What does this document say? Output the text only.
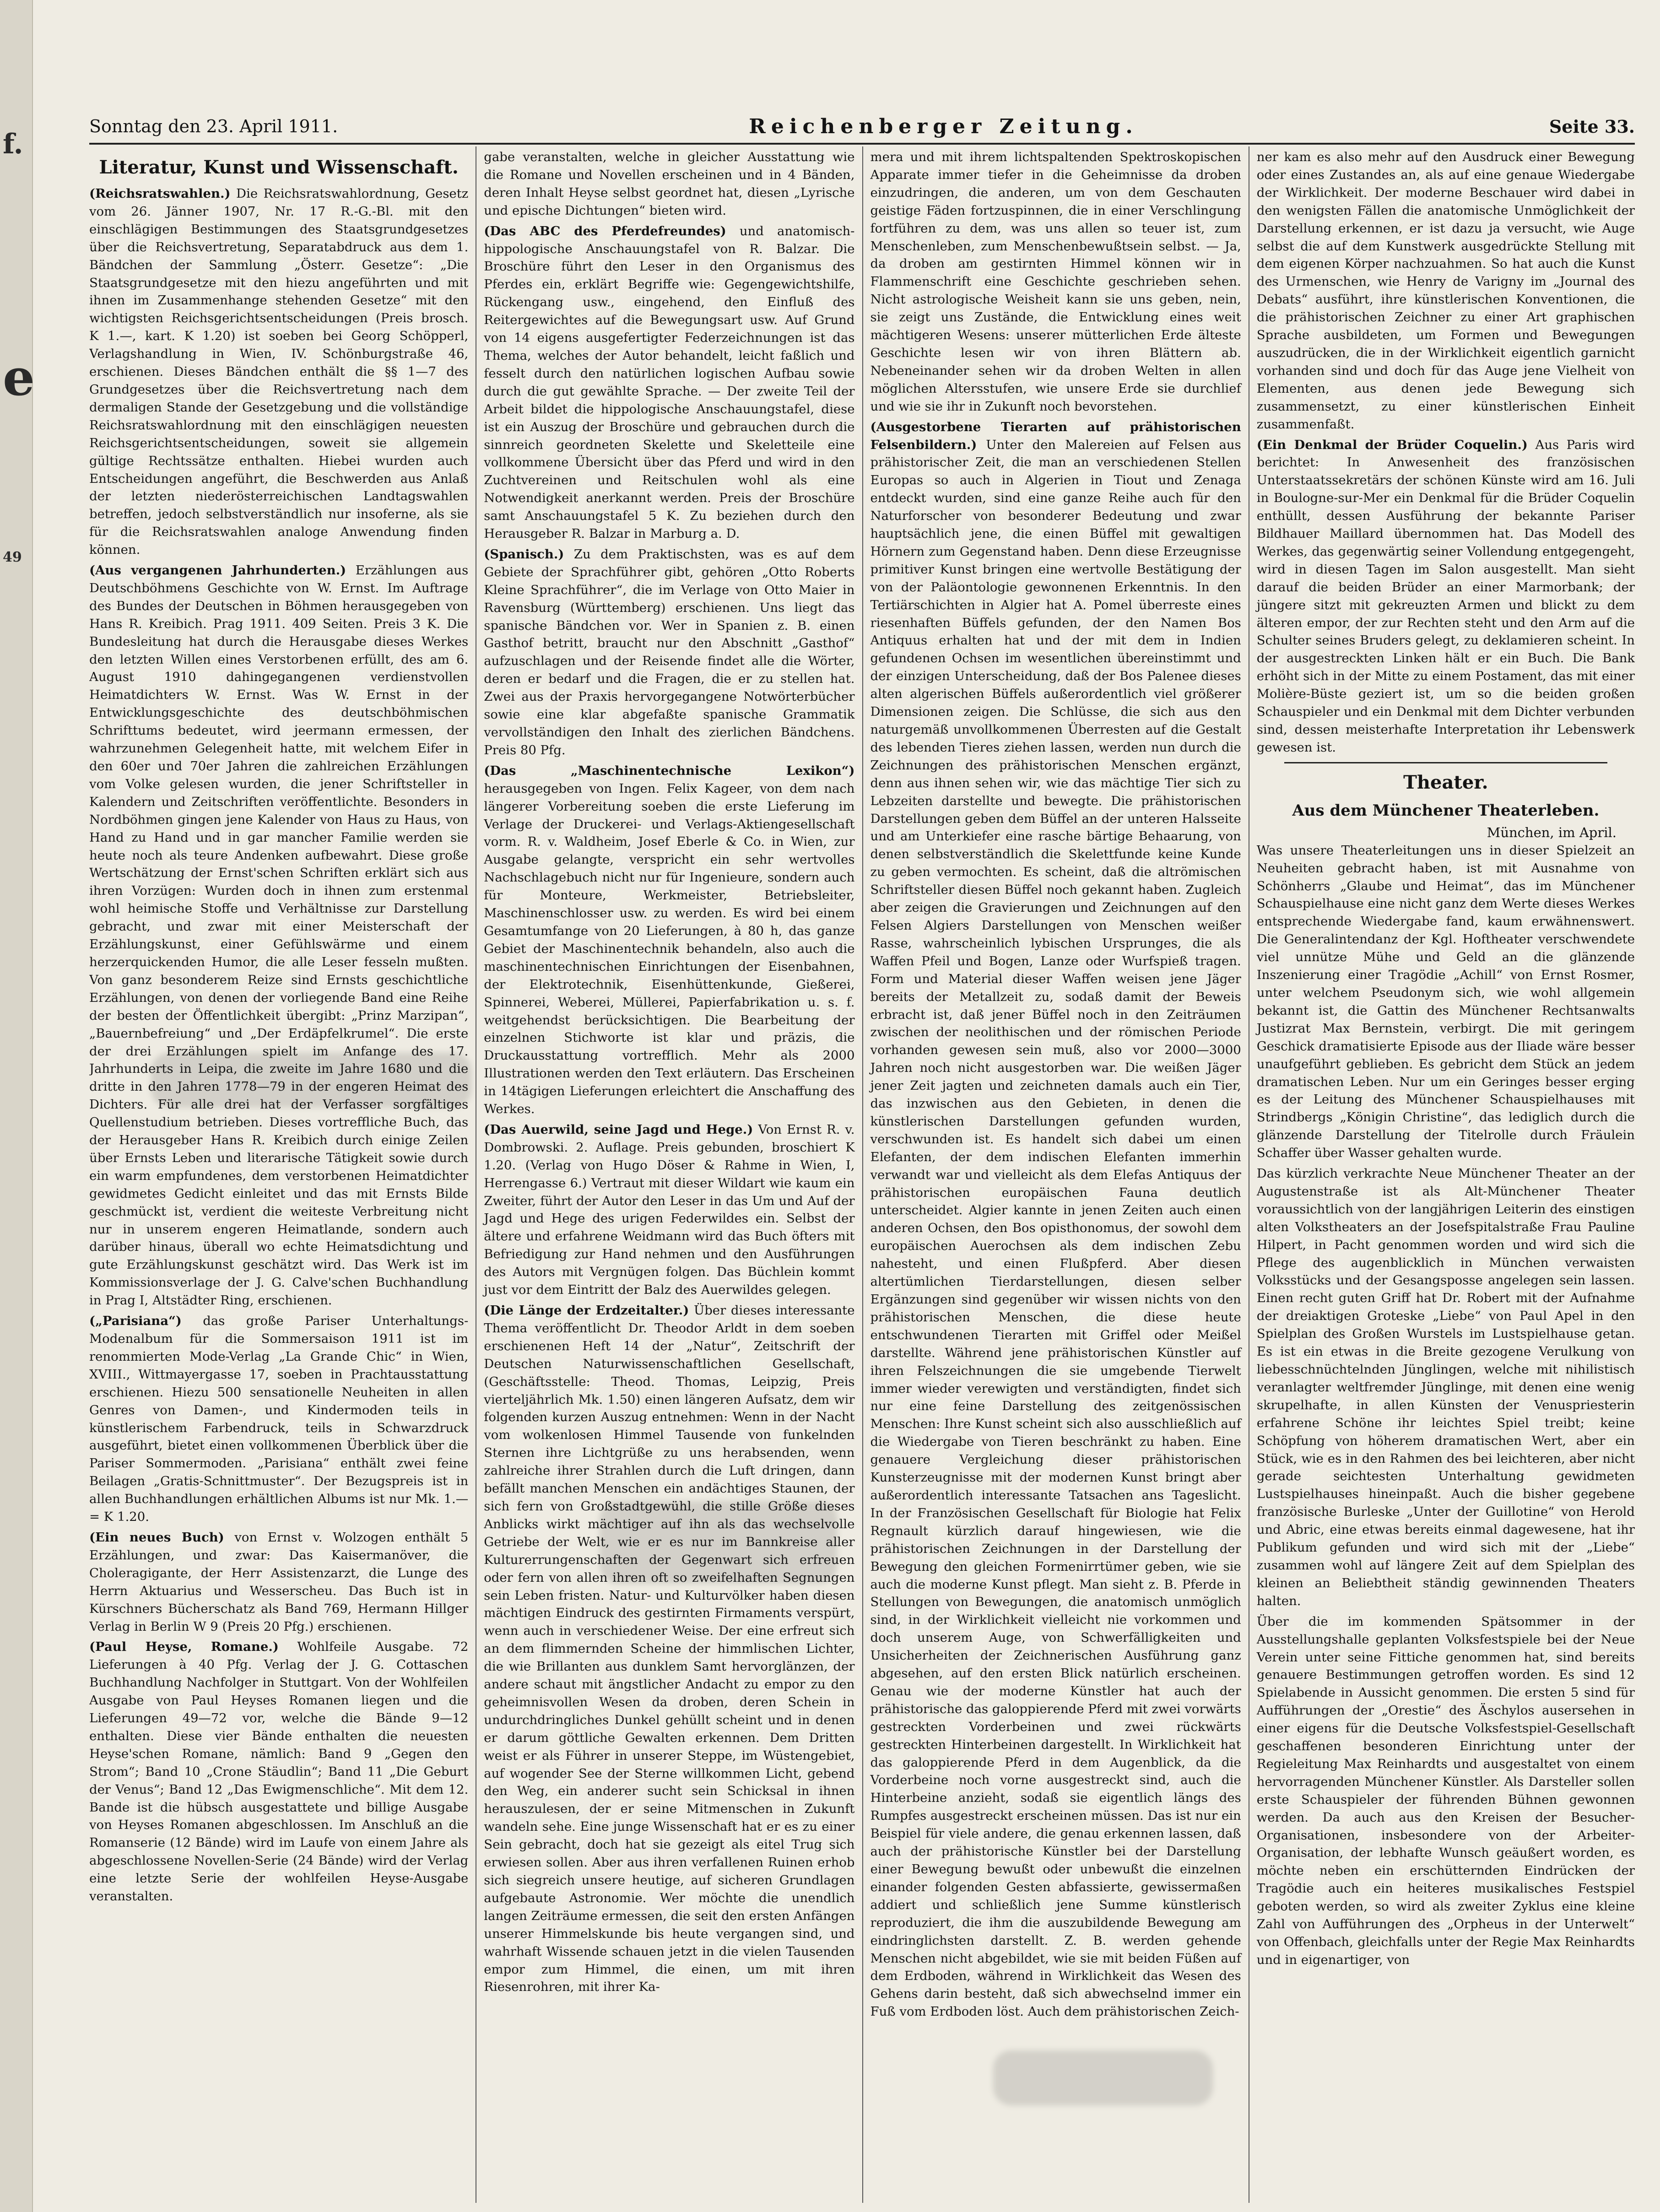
f.
e
49
Sonntag den 23. April 1911.	Reichenberger Zeitung.	Seite 33.
Literatur, Kunst und Wissenschaft.

(Reichsratswahlen.) Die Reichsratswahlordnung, Gesetz vom 26. Jänner 1907, Nr. 17 R.-G.-Bl. mit den einschlägigen Bestimmungen des Staatsgrundgesetzes über die Reichsvertretung, Separatabdruck aus dem 1. Bändchen der Sammlung „Österr. Gesetze“: „Die Staatsgrundgesetze mit den hiezu angeführten und mit ihnen im Zusammenhange stehenden Gesetze“ mit den wichtigsten Reichsgerichtsentscheidungen (Preis brosch. K 1.—, kart. K 1.20) ist soeben bei Georg Schöpperl, Verlagshandlung in Wien, IV. Schönburgstraße 46, erschienen. Dieses Bändchen enthält die §§ 1—7 des Grundgesetzes über die Reichsvertretung nach dem dermaligen Stande der Gesetzgebung und die vollständige Reichsratswahlordnung mit den einschlägigen neuesten Reichsgerichtsentscheidungen, soweit sie allgemein gültige Rechtssätze enthalten. Hiebei wurden auch Entscheidungen angeführt, die Beschwerden aus Anlaß der letzten niederösterreichischen Landtagswahlen betreffen, jedoch selbstverständlich nur insoferne, als sie für die Reichsratswahlen analoge Anwendung finden können.

(Aus vergangenen Jahrhunderten.) Erzählungen aus Deutschböhmens Geschichte von W. Ernst. Im Auftrage des Bundes der Deutschen in Böhmen herausgegeben von Hans R. Kreibich. Prag 1911. 409 Seiten. Preis 3 K. Die Bundesleitung hat durch die Herausgabe dieses Werkes den letzten Willen eines Verstorbenen erfüllt, des am 6. August 1910 dahingegangenen verdienstvollen Heimatdichters W. Ernst. Was W. Ernst in der Entwicklungsgeschichte des deutschböhmischen Schrifttums bedeutet, wird jeermann ermessen, der wahrzunehmen Gelegenheit hatte, mit welchem Eifer in den 60er und 70er Jahren die zahlreichen Erzählungen vom Volke gelesen wurden, die jener Schriftsteller in Kalendern und Zeitschriften veröffentlichte. Besonders in Nordböhmen gingen jene Kalender von Haus zu Haus, von Hand zu Hand und in gar mancher Familie werden sie heute noch als teure Andenken aufbewahrt. Diese große Wertschätzung der Ernst'schen Schriften erklärt sich aus ihren Vorzügen: Wurden doch in ihnen zum erstenmal wohl heimische Stoffe und Verhältnisse zur Darstellung gebracht, und zwar mit einer Meisterschaft der Erzählungskunst, einer Gefühlswärme und einem herzerquickenden Humor, die alle Leser fesseln mußten. Von ganz besonderem Reize sind Ernsts geschichtliche Erzählungen, von denen der vorliegende Band eine Reihe der besten der Öffentlichkeit übergibt: „Prinz Marzipan“, „Bauernbefreiung“ und „Der Erdäpfelkrumel“. Die erste der drei Erzählungen spielt im Anfange des 17. Jahrhunderts in Leipa, die zweite im Jahre 1680 und die dritte in den Jahren 1778—79 in der engeren Heimat des Dichters. Für alle drei hat der Verfasser sorgfältiges Quellenstudium betrieben. Dieses vortreffliche Buch, das der Herausgeber Hans R. Kreibich durch einige Zeilen über Ernsts Leben und literarische Tätigkeit sowie durch ein warm empfundenes, dem verstorbenen Heimatdichter gewidmetes Gedicht einleitet und das mit Ernsts Bilde geschmückt ist, verdient die weiteste Verbreitung nicht nur in unserem engeren Heimatlande, sondern auch darüber hinaus, überall wo echte Heimatsdichtung und gute Erzählungskunst geschätzt wird. Das Werk ist im Kommissionsverlage der J. G. Calve'schen Buchhandlung in Prag I, Altstädter Ring, erschienen.

(„Parisiana“) das große Pariser Unterhaltungs-Modenalbum für die Sommersaison 1911 ist im renommierten Mode-Verlag „La Grande Chic“ in Wien, XVIII., Wittmayergasse 17, soeben in Prachtausstattung erschienen. Hiezu 500 sensationelle Neuheiten in allen Genres von Damen-, und Kindermoden teils in künstlerischem Farbendruck, teils in Schwarzdruck ausgeführt, bietet einen vollkommenen Überblick über die Pariser Sommermoden. „Parisiana“ enthält zwei feine Beilagen „Gratis-Schnittmuster“. Der Bezugspreis ist in allen Buchhandlungen erhältlichen Albums ist nur Mk. 1.— = K 1.20.

(Ein neues Buch) von Ernst v. Wolzogen enthält 5 Erzählungen, und zwar: Das Kaisermanöver, die Choleragigante, der Herr Assistenzarzt, die Lunge des Herrn Aktuarius und Wesserscheu. Das Buch ist in Kürschners Bücherschatz als Band 769, Hermann Hillger Verlag in Berlin W 9 (Preis 20 Pfg.) erschienen.

(Paul Heyse, Romane.) Wohlfeile Ausgabe. 72 Lieferungen à 40 Pfg. Verlag der J. G. Cottaschen Buchhandlung Nachfolger in Stuttgart. Von der Wohlfeilen Ausgabe von Paul Heyses Romanen liegen und die Lieferungen 49—72 vor, welche die Bände 9—12 enthalten. Diese vier Bände enthalten die neuesten Heyse'schen Romane, nämlich: Band 9 „Gegen den Strom“; Band 10 „Crone Stäudlin“; Band 11 „Die Geburt der Venus“; Band 12 „Das Ewigmenschliche“. Mit dem 12. Bande ist die hübsch ausgestattete und billige Ausgabe von Heyses Romanen abgeschlossen. Im Anschluß an die Romanserie (12 Bände) wird im Laufe von einem Jahre als abgeschlossene Novellen-Serie (24 Bände) wird der Verlag eine letzte Serie der wohlfeilen Heyse-Ausgabe veranstalten.

gabe veranstalten, welche in gleicher Ausstattung wie die Romane und Novellen erscheinen und in 4 Bänden, deren Inhalt Heyse selbst geordnet hat, diesen „Lyrische und epische Dichtungen“ bieten wird.

(Das ABC des Pferdefreundes) und anatomisch-hippologische Anschauungstafel von R. Balzar. Die Broschüre führt den Leser in den Organismus des Pferdes ein, erklärt Begriffe wie: Gegengewichtshilfe, Rückengang usw., eingehend, den Einfluß des Reitergewichtes auf die Bewegungsart usw. Auf Grund von 14 eigens ausgefertigter Federzeichnungen ist das Thema, welches der Autor behandelt, leicht faßlich und fesselt durch den natürlichen logischen Aufbau sowie durch die gut gewählte Sprache. — Der zweite Teil der Arbeit bildet die hippologische Anschauungstafel, diese ist ein Auszug der Broschüre und gebrauchen durch die sinnreich geordneten Skelette und Skeletteile eine vollkommene Übersicht über das Pferd und wird in den Zuchtvereinen und Reitschulen wohl als eine Notwendigkeit anerkannt werden. Preis der Broschüre samt Anschauungstafel 5 K. Zu beziehen durch den Herausgeber R. Balzar in Marburg a. D.

(Spanisch.) Zu dem Praktischsten, was es auf dem Gebiete der Sprachführer gibt, gehören „Otto Roberts Kleine Sprachführer“, die im Verlage von Otto Maier in Ravensburg (Württemberg) erschienen. Uns liegt das spanische Bändchen vor. Wer in Spanien z. B. einen Gasthof betritt, braucht nur den Abschnitt „Gasthof“ aufzuschlagen und der Reisende findet alle die Wörter, deren er bedarf und die Fragen, die er zu stellen hat. Zwei aus der Praxis hervorgegangene Notwörterbücher sowie eine klar abgefaßte spanische Grammatik vervollständigen den Inhalt des zierlichen Bändchens. Preis 80 Pfg.

(Das „Maschinentechnische Lexikon“) herausgegeben von Ingen. Felix Kageer, von dem nach längerer Vorbereitung soeben die erste Lieferung im Verlage der Druckerei- und Verlags-Aktiengesellschaft vorm. R. v. Waldheim, Josef Eberle & Co. in Wien, zur Ausgabe gelangte, verspricht ein sehr wertvolles Nachschlagebuch nicht nur für Ingenieure, sondern auch für Monteure, Werkmeister, Betriebsleiter, Maschinenschlosser usw. zu werden. Es wird bei einem Gesamtumfange von 20 Lieferungen, à 80 h, das ganze Gebiet der Maschinentechnik behandeln, also auch die maschinentechnischen Einrichtungen der Eisenbahnen, der Elektrotechnik, Eisenhüttenkunde, Gießerei, Spinnerei, Weberei, Müllerei, Papierfabrikation u. s. f. weitgehendst berücksichtigen. Die Bearbeitung der einzelnen Stichworte ist klar und präzis, die Druckausstattung vortrefflich. Mehr als 2000 Illustrationen werden den Text erläutern. Das Erscheinen in 14tägigen Lieferungen erleichtert die Anschaffung des Werkes.

(Das Auerwild, seine Jagd und Hege.) Von Ernst R. v. Dombrowski. 2. Auflage. Preis gebunden, broschiert K 1.20. (Verlag von Hugo Döser & Rahme in Wien, I, Herrengasse 6.) Vertraut mit dieser Wildart wie kaum ein Zweiter, führt der Autor den Leser in das Um und Auf der Jagd und Hege des urigen Federwildes ein. Selbst der ältere und erfahrene Weidmann wird das Buch öfters mit Befriedigung zur Hand nehmen und den Ausführungen des Autors mit Vergnügen folgen. Das Büchlein kommt just vor dem Eintritt der Balz des Auerwildes gelegen.

(Die Länge der Erdzeitalter.) Über dieses interessante Thema veröffentlicht Dr. Theodor Arldt in dem soeben erschienenen Heft 14 der „Natur“, Zeitschrift der Deutschen Naturwissenschaftlichen Gesellschaft, (Geschäftsstelle: Theod. Thomas, Leipzig, Preis vierteljährlich Mk. 1.50) einen längeren Aufsatz, dem wir folgenden kurzen Auszug entnehmen: Wenn in der Nacht vom wolkenlosen Himmel Tausende von funkelnden Sternen ihre Lichtgrüße zu uns herabsenden, wenn zahlreiche ihrer Strahlen durch die Luft dringen, dann befällt manchen Menschen ein andächtiges Staunen, der sich fern von Großstadtgewühl, die stille Größe dieses Anblicks wirkt mächtiger auf ihn als das wechselvolle Getriebe der Welt, wie er es nur im Bannkreise aller Kulturerrungenschaften der Gegenwart sich erfreuen oder fern von allen ihren oft so zweifelhaften Segnungen sein Leben fristen. Natur- und Kulturvölker haben diesen mächtigen Eindruck des gestirnten Firmaments verspürt, wenn auch in verschiedener Weise. Der eine erfreut sich an dem flimmernden Scheine der himmlischen Lichter, die wie Brillanten aus dunklem Samt hervorglänzen, der andere schaut mit ängstlicher Andacht zu empor zu den geheimnisvollen Wesen da droben, deren Schein in undurchdringliches Dunkel gehüllt scheint und in denen er darum göttliche Gewalten erkennen. Dem Dritten weist er als Führer in unserer Steppe, im Wüstengebiet, auf wogender See der Sterne willkommen Licht, gebend den Weg, ein anderer sucht sein Schicksal in ihnen herauszulesen, der er seine Mitmenschen in Zukunft wandeln sehe. Eine junge Wissenschaft hat er es zu einer Sein gebracht, doch hat sie gezeigt als eitel Trug sich erwiesen sollen. Aber aus ihren verfallenen Ruinen erhob sich siegreich unsere heutige, auf sicheren Grundlagen aufgebaute Astronomie. Wer möchte die unendlich langen Zeiträume ermessen, die seit den ersten Anfängen unserer Himmelskunde bis heute vergangen sind, und wahrhaft Wissende schauen jetzt in die vielen Tausenden empor zum Himmel, die einen, um mit ihren Riesenrohren, mit ihrer Ka-

mera und mit ihrem lichtspaltenden Spektroskopischen Apparate immer tiefer in die Geheimnisse da droben einzudringen, die anderen, um von dem Geschauten geistige Fäden fortzuspinnen, die in einer Verschlingung fortführen zu dem, was uns allen so teuer ist, zum Menschenleben, zum Menschenbewußtsein selbst. — Ja, da droben am gestirnten Himmel können wir in Flammenschrift eine Geschichte geschrieben sehen. Nicht astrologische Weisheit kann sie uns geben, nein, sie zeigt uns Zustände, die Entwicklung eines weit mächtigeren Wesens: unserer mütterlichen Erde älteste Geschichte lesen wir von ihren Blättern ab. Nebeneinander sehen wir da droben Welten in allen möglichen Altersstufen, wie unsere Erde sie durchlief und wie sie ihr in Zukunft noch bevorstehen.

(Ausgestorbene Tierarten auf prähistorischen Felsenbildern.) Unter den Malereien auf Felsen aus prähistorischer Zeit, die man an verschiedenen Stellen Europas so auch in Algerien in Tiout und Zenaga entdeckt wurden, sind eine ganze Reihe auch für den Naturforscher von besonderer Bedeutung und zwar hauptsächlich jene, die einen Büffel mit gewaltigen Hörnern zum Gegenstand haben. Denn diese Erzeugnisse primitiver Kunst bringen eine wertvolle Bestätigung der von der Paläontologie gewonnenen Erkenntnis. In den Tertiärschichten in Algier hat A. Pomel überreste eines riesenhaften Büffels gefunden, der den Namen Bos Antiquus erhalten hat und der mit dem in Indien gefundenen Ochsen im wesentlichen übereinstimmt und der einzigen Unterscheidung, daß der Bos Palenee dieses alten algerischen Büffels außerordentlich viel größerer Dimensionen zeigen. Die Schlüsse, die sich aus den naturgemäß unvollkommenen Überresten auf die Gestalt des lebenden Tieres ziehen lassen, werden nun durch die Zeichnungen des prähistorischen Menschen ergänzt, denn aus ihnen sehen wir, wie das mächtige Tier sich zu Lebzeiten darstellte und bewegte. Die prähistorischen Darstellungen geben dem Büffel an der unteren Halsseite und am Unterkiefer eine rasche bärtige Behaarung, von denen selbstverständlich die Skelettfunde keine Kunde zu geben vermochten. Es scheint, daß die altrömischen Schriftsteller diesen Büffel noch gekannt haben. Zugleich aber zeigen die Gravierungen und Zeichnungen auf den Felsen Algiers Darstellungen von Menschen weißer Rasse, wahrscheinlich lybischen Ursprunges, die als Waffen Pfeil und Bogen, Lanze oder Wurfspieß tragen. Form und Material dieser Waffen weisen jene Jäger bereits der Metallzeit zu, sodaß damit der Beweis erbracht ist, daß jener Büffel noch in den Zeiträumen zwischen der neolithischen und der römischen Periode vorhanden gewesen sein muß, also vor 2000—3000 Jahren noch nicht ausgestorben war. Die weißen Jäger jener Zeit jagten und zeichneten damals auch ein Tier, das inzwischen aus den Gebieten, in denen die künstlerischen Darstellungen gefunden wurden, verschwunden ist. Es handelt sich dabei um einen Elefanten, der dem indischen Elefanten immerhin verwandt war und vielleicht als dem Elefas Antiquus der prähistorischen europäischen Fauna deutlich unterscheidet. Algier kannte in jenen Zeiten auch einen anderen Ochsen, den Bos opisthonomus, der sowohl dem europäischen Auerochsen als dem indischen Zebu nahesteht, und einen Flußpferd. Aber diesen altertümlichen Tierdarstellungen, diesen selber Ergänzungen sind gegenüber wir wissen nichts von den prähistorischen Menschen, die diese heute entschwundenen Tierarten mit Griffel oder Meißel darstellte. Während jene prähistorischen Künstler auf ihren Felszeichnungen die sie umgebende Tierwelt immer wieder verewigten und verständigten, findet sich nur eine feine Darstellung des zeitgenössischen Menschen: Ihre Kunst scheint sich also ausschließlich auf die Wiedergabe von Tieren beschränkt zu haben. Eine genauere Vergleichung dieser prähistorischen Kunsterzeugnisse mit der modernen Kunst bringt aber außerordentlich interessante Tatsachen ans Tageslicht. In der Französischen Gesellschaft für Biologie hat Felix Regnault kürzlich darauf hingewiesen, wie die prähistorischen Zeichnungen in der Darstellung der Bewegung den gleichen Formenirrtümer geben, wie sie auch die moderne Kunst pflegt. Man sieht z. B. Pferde in Stellungen von Bewegungen, die anatomisch unmöglich sind, in der Wirklichkeit vielleicht nie vorkommen und doch unserem Auge, von Schwerfälligkeiten und Unsicherheiten der Zeichnerischen Ausführung ganz abgesehen, auf den ersten Blick natürlich erscheinen. Genau wie der moderne Künstler hat auch der prähistorische das galoppierende Pferd mit zwei vorwärts gestreckten Vorderbeinen und zwei rückwärts gestreckten Hinterbeinen dargestellt. In Wirklichkeit hat das galoppierende Pferd in dem Augenblick, da die Vorderbeine noch vorne ausgestreckt sind, auch die Hinterbeine anzieht, sodaß sie eigentlich längs des Rumpfes ausgestreckt erscheinen müssen. Das ist nur ein Beispiel für viele andere, die genau erkennen lassen, daß auch der prähistorische Künstler bei der Darstellung einer Bewegung bewußt oder unbewußt die einzelnen einander folgenden Gesten abfassierte, gewissermaßen addiert und schließlich jene Summe künstlerisch reproduziert, die ihm die auszubildende Bewegung am eindringlichsten darstellt. Z. B. werden gehende Menschen nicht abgebildet, wie sie mit beiden Füßen auf dem Erdboden, während in Wirklichkeit das Wesen des Gehens darin besteht, daß sich abwechselnd immer ein Fuß vom Erdboden löst. Auch dem prähistorischen Zeich-

ner kam es also mehr auf den Ausdruck einer Bewegung oder eines Zustandes an, als auf eine genaue Wiedergabe der Wirklichkeit. Der moderne Beschauer wird dabei in den wenigsten Fällen die anatomische Unmöglichkeit der Darstellung erkennen, er ist dazu ja versucht, wie Auge selbst die auf dem Kunstwerk ausgedrückte Stellung mit dem eigenen Körper nachzuahmen. So hat auch die Kunst des Urmenschen, wie Henry de Varigny im „Journal des Debats“ ausführt, ihre künstlerischen Konventionen, die die prähistorischen Zeichner zu einer Art graphischen Sprache ausbildeten, um Formen und Bewegungen auszudrücken, die in der Wirklichkeit eigentlich garnicht vorhanden sind und doch für das Auge jene Vielheit von Elementen, aus denen jede Bewegung sich zusammensetzt, zu einer künstlerischen Einheit zusammenfaßt.

(Ein Denkmal der Brüder Coquelin.) Aus Paris wird berichtet: In Anwesenheit des französischen Unterstaatssekretärs der schönen Künste wird am 16. Juli in Boulogne-sur-Mer ein Denkmal für die Brüder Coquelin enthüllt, dessen Ausführung der bekannte Pariser Bildhauer Maillard übernommen hat. Das Modell des Werkes, das gegenwärtig seiner Vollendung entgegengeht, wird in diesen Tagen im Salon ausgestellt. Man sieht darauf die beiden Brüder an einer Marmorbank; der jüngere sitzt mit gekreuzten Armen und blickt zu dem älteren empor, der zur Rechten steht und den Arm auf die Schulter seines Bruders gelegt, zu deklamieren scheint. In der ausgestreckten Linken hält er ein Buch. Die Bank erhöht sich in der Mitte zu einem Postament, das mit einer Molière-Büste geziert ist, um so die beiden großen Schauspieler und ein Denkmal mit dem Dichter verbunden sind, dessen meisterhafte Interpretation ihr Lebenswerk gewesen ist.

Theater.
Aus dem Münchener Theaterleben.
München, im April.

Was unsere Theaterleitungen uns in dieser Spielzeit an Neuheiten gebracht haben, ist mit Ausnahme von Schönherrs „Glaube und Heimat“, das im Münchener Schauspielhause eine nicht ganz dem Werte dieses Werkes entsprechende Wiedergabe fand, kaum erwähnenswert. Die Generalintendanz der Kgl. Hoftheater verschwendete viel unnütze Mühe und Geld an die glänzende Inszenierung einer Tragödie „Achill“ von Ernst Rosmer, unter welchem Pseudonym sich, wie wohl allgemein bekannt ist, die Gattin des Münchener Rechtsanwalts Justizrat Max Bernstein, verbirgt. Die mit geringem Geschick dramatisierte Episode aus der Iliade wäre besser unaufgeführt geblieben. Es gebricht dem Stück an jedem dramatischen Leben. Nur um ein Geringes besser erging es der Leitung des Münchener Schauspielhauses mit Strindbergs „Königin Christine“, das lediglich durch die glänzende Darstellung der Titelrolle durch Fräulein Schaffer über Wasser gehalten wurde.

Das kürzlich verkrachte Neue Münchener Theater an der Augustenstraße ist als Alt-Münchener Theater voraussichtlich von der langjährigen Leiterin des einstigen alten Volkstheaters an der Josefspitalstraße Frau Pauline Hilpert, in Pacht genommen worden und wird sich die Pflege des augenblicklich in München verwaisten Volksstücks und der Gesangsposse angelegen sein lassen. Einen recht guten Griff hat Dr. Robert mit der Aufnahme der dreiaktigen Groteske „Liebe“ von Paul Apel in den Spielplan des Großen Wurstels im Lustspielhause getan. Es ist ein etwas in die Breite gezogene Verulkung von liebesschnüchtelnden Jünglingen, welche mit nihilistisch veranlagter weltfremder Jünglinge, mit denen eine wenig skrupelhafte, in allen Künsten der Venuspriesterin erfahrene Schöne ihr leichtes Spiel treibt; keine Schöpfung von höherem dramatischen Wert, aber ein Stück, wie es in den Rahmen des bei leichteren, aber nicht gerade seichtesten Unterhaltung gewidmeten Lustspielhauses hineinpaßt. Auch die bisher gegebene französische Burleske „Unter der Guillotine“ von Herold und Abric, eine etwas bereits einmal dagewesene, hat ihr Publikum gefunden und wird sich mit der „Liebe“ zusammen wohl auf längere Zeit auf dem Spielplan des kleinen an Beliebtheit ständig gewinnenden Theaters halten.

Über die im kommenden Spätsommer in der Ausstellungshalle geplanten Volksfestspiele bei der Neue Verein unter seine Fittiche genommen hat, sind bereits genauere Bestimmungen getroffen worden. Es sind 12 Spielabende in Aussicht genommen. Die ersten 5 sind für Aufführungen der „Orestie“ des Äschylos ausersehen in einer eigens für die Deutsche Volksfestspiel-Gesellschaft geschaffenen besonderen Einrichtung unter der Regieleitung Max Reinhardts und ausgestaltet von einem hervorragenden Münchener Künstler. Als Darsteller sollen erste Schauspieler der führenden Bühnen gewonnen werden. Da auch aus den Kreisen der Besucher-Organisationen, insbesondere von der Arbeiter-Organisation, der lebhafte Wunsch geäußert worden, es möchte neben ein erschütternden Eindrücken der Tragödie auch ein heiteres musikalisches Festspiel geboten werden, so wird als zweiter Zyklus eine kleine Zahl von Aufführungen des „Orpheus in der Unterwelt“ von Offenbach, gleichfalls unter der Regie Max Reinhardts und in eigenartiger, von
